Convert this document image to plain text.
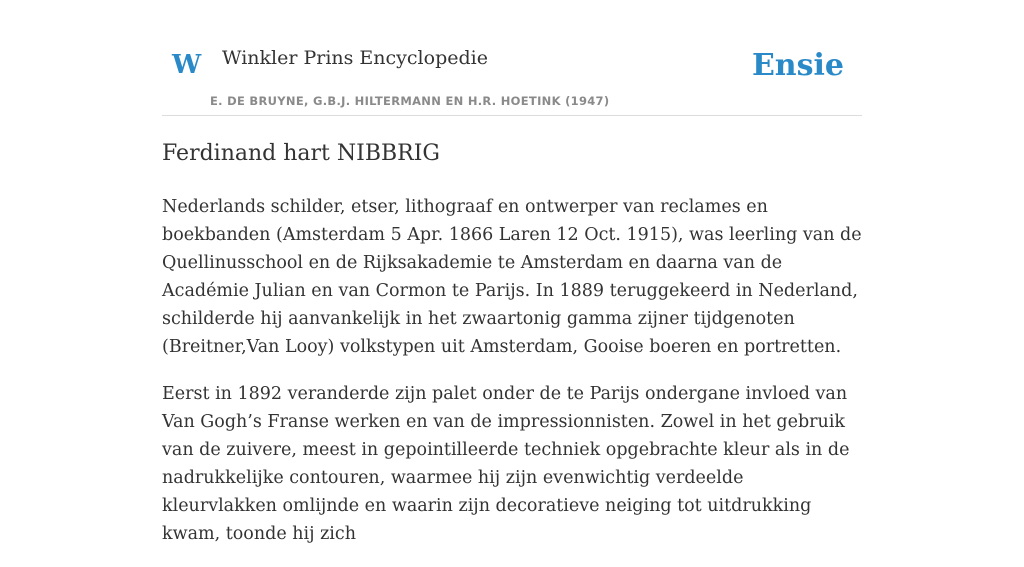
W Winkler Prins Encyclopedie
E. DE BRUYNE, G.B.J. HILTERMANN EN H.R. HOETINK (1947)
Ensie
Ferdinand hart NIBBRIG

Nederlands schilder, etser, lithograaf en ontwerper van reclames en boekbanden (Amsterdam 5 Apr. 1866 Laren 12 Oct. 1915), was leerling van de Quellinusschool en de Rijksakademie te Amsterdam en daarna van de Académie Julian en van Cormon te Parijs. In 1889 teruggekeerd in Nederland, schilderde hij aanvankelijk in het zwaartonig gamma zijner tijdgenoten (Breitner,Van Looy) volkstypen uit Amsterdam, Gooise boeren en portretten.

Eerst in 1892 veranderde zijn palet onder de te Parijs ondergane invloed van Van Gogh’s Franse werken en van de impressionnisten. Zowel in het gebruik van de zuivere, meest in gepointilleerde techniek opgebrachte kleur als in de nadrukkelijke contouren, waarmee hij zijn evenwichtig verdeelde kleurvlakken omlijnde en waarin zijn decoratieve neiging tot uitdrukking kwam, toonde hij zich
